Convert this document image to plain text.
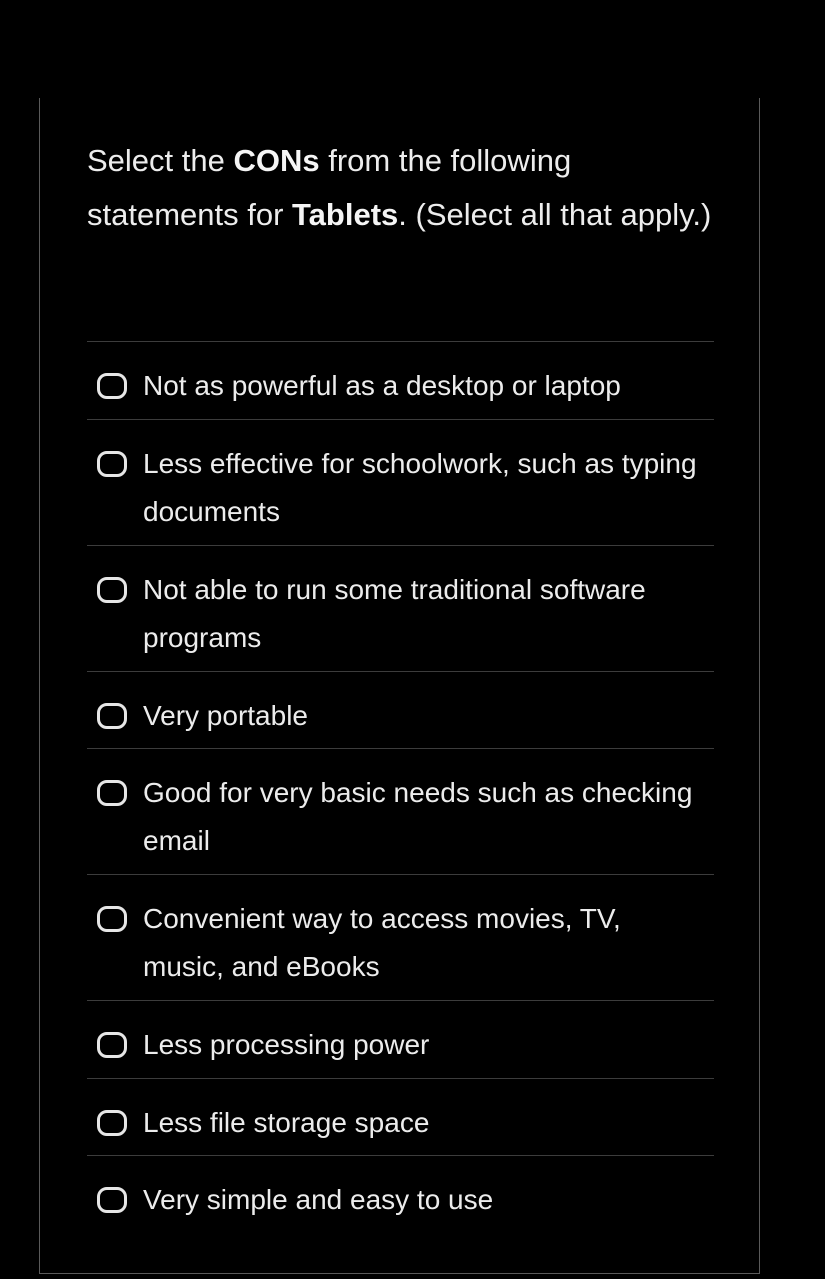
Select the CONs from the following statements for Tablets. (Select all that apply.)

Not as powerful as a desktop or laptop
Less effective for schoolwork, such as typing documents
Not able to run some traditional software programs
Very portable
Good for very basic needs such as checking email
Convenient way to access movies, TV, music, and eBooks
Less processing power
Less file storage space
Very simple and easy to use
